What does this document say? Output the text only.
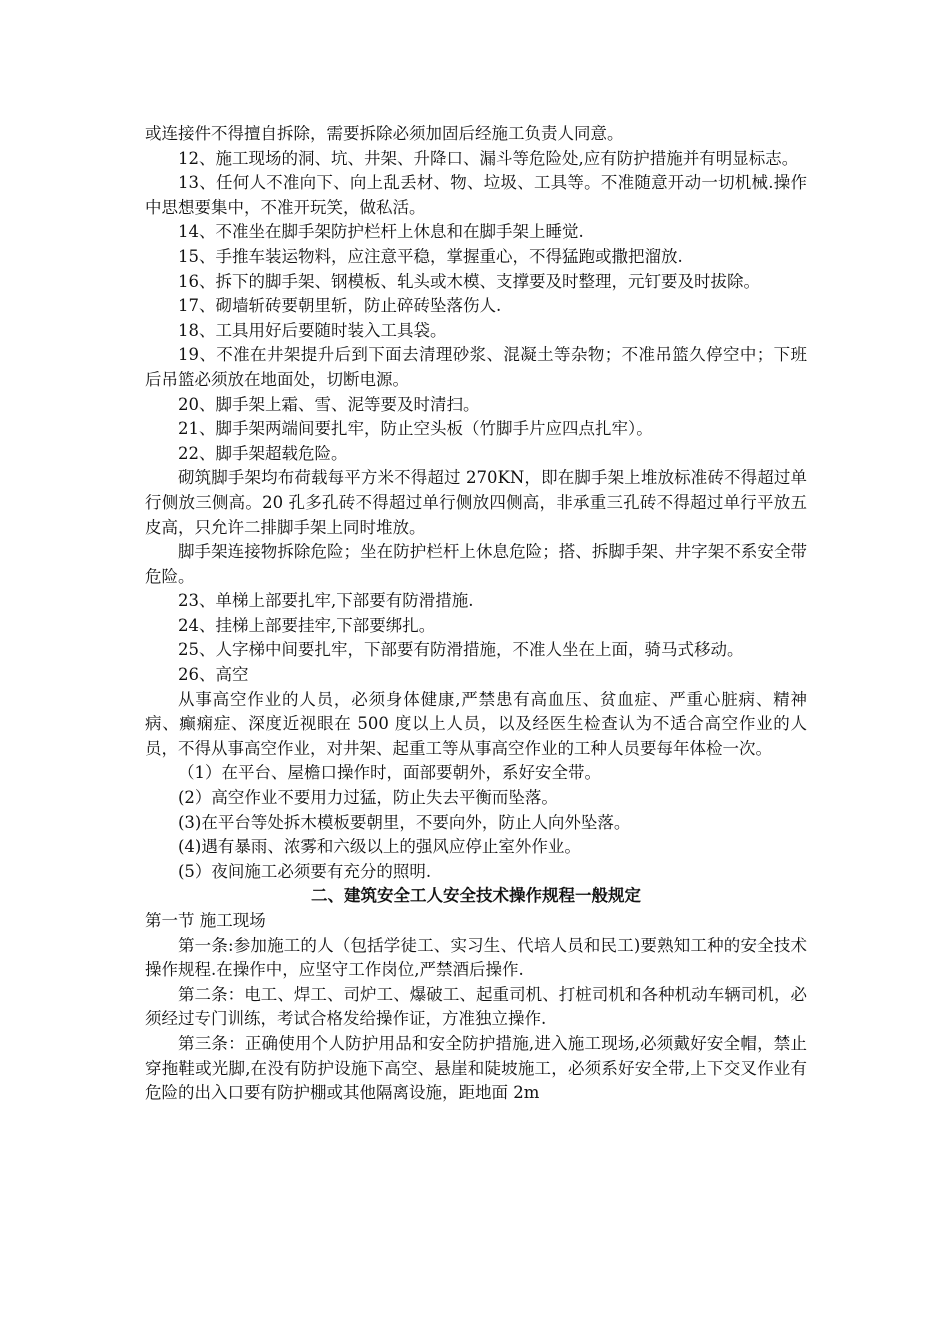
或连接件不得擅自拆除，需要拆除必须加固后经施工负责人同意。

12、施工现场的洞、坑、井架、升降口、漏斗等危险处,应有防护措施并有明显标志。

13、任何人不准向下、向上乱丢材、物、垃圾、工具等。不准随意开动一切机械.操作中思想要集中，不准开玩笑，做私活。

14、不准坐在脚手架防护栏杆上休息和在脚手架上睡觉.

15、手推车装运物料，应注意平稳，掌握重心，不得猛跑或撒把溜放.

16、拆下的脚手架、钢模板、轧头或木模、支撑要及时整理，元钉要及时拔除。

17、砌墙斩砖要朝里斩，防止碎砖坠落伤人.

18、工具用好后要随时装入工具袋。

19、不准在井架提升后到下面去清理砂浆、混凝土等杂物；不准吊篮久停空中；下班后吊篮必须放在地面处，切断电源。

20、脚手架上霜、雪、泥等要及时清扫。

21、脚手架两端间要扎牢，防止空头板（竹脚手片应四点扎牢）。

22、脚手架超载危险。

砌筑脚手架均布荷载每平方米不得超过 270KN，即在脚手架上堆放标准砖不得超过单行侧放三侧高。20 孔多孔砖不得超过单行侧放四侧高，非承重三孔砖不得超过单行平放五皮高，只允许二排脚手架上同时堆放。

脚手架连接物拆除危险；坐在防护栏杆上休息危险；搭、拆脚手架、井字架不系安全带危险。

23、单梯上部要扎牢,下部要有防滑措施.

24、挂梯上部要挂牢,下部要绑扎。

25、人字梯中间要扎牢，下部要有防滑措施，不准人坐在上面，骑马式移动。

26、高空

从事高空作业的人员，必须身体健康,严禁患有高血压、贫血症、严重心脏病、精神病、癫痫症、深度近视眼在 500 度以上人员，以及经医生检查认为不适合高空作业的人员，不得从事高空作业，对井架、起重工等从事高空作业的工种人员要每年体检一次。

（1）在平台、屋檐口操作时，面部要朝外，系好安全带。

(2）高空作业不要用力过猛，防止失去平衡而坠落。

(3)在平台等处拆木模板要朝里，不要向外，防止人向外坠落。

(4)遇有暴雨、浓雾和六级以上的强风应停止室外作业。

(5）夜间施工必须要有充分的照明.

二、建筑安全工人安全技术操作规程一般规定

第一节 施工现场

第一条:参加施工的人（包括学徒工、实习生、代培人员和民工)要熟知工种的安全技术操作规程.在操作中，应坚守工作岗位,严禁酒后操作.

第二条：电工、焊工、司炉工、爆破工、起重司机、打桩司机和各种机动车辆司机，必须经过专门训练，考试合格发给操作证，方准独立操作.

第三条：正确使用个人防护用品和安全防护措施,进入施工现场,必须戴好安全帽，禁止穿拖鞋或光脚,在没有防护设施下高空、悬崖和陡坡施工，必须系好安全带,上下交叉作业有危险的出入口要有防护棚或其他隔离设施，距地面 2m
